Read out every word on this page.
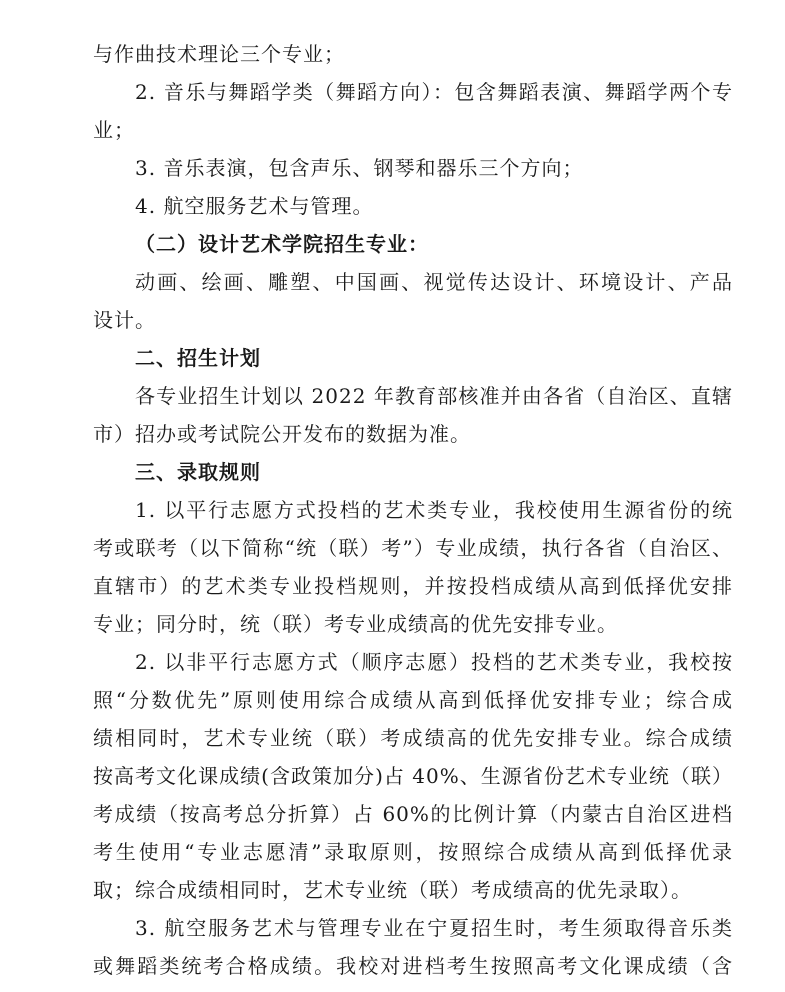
与作曲技术理论三个专业；
2. 音乐与舞蹈学类（舞蹈方向）：包含舞蹈表演、舞蹈学两个专
业；
3. 音乐表演，包含声乐、钢琴和器乐三个方向；
4. 航空服务艺术与管理。
（二）设计艺术学院招生专业：
动画、绘画、雕塑、中国画、视觉传达设计、环境设计、产品
设计。
二、招生计划
各专业招生计划以 2022 年教育部核准并由各省（自治区、直辖
市）招办或考试院公开发布的数据为准。
三、录取规则
1. 以平行志愿方式投档的艺术类专业，我校使用生源省份的统
考或联考（以下简称“统（联）考”）专业成绩，执行各省（自治区、
直辖市）的艺术类专业投档规则，并按投档成绩从高到低择优安排
专业；同分时，统（联）考专业成绩高的优先安排专业。
2. 以非平行志愿方式（顺序志愿）投档的艺术类专业，我校按
照“分数优先”原则使用综合成绩从高到低择优安排专业；综合成
绩相同时，艺术专业统（联）考成绩高的优先安排专业。综合成绩
按高考文化课成绩(含政策加分)占 40%、生源省份艺术专业统（联）
考成绩（按高考总分折算）占 60%的比例计算（内蒙古自治区进档
考生使用“专业志愿清”录取原则，按照综合成绩从高到低择优录
取；综合成绩相同时，艺术专业统（联）考成绩高的优先录取）。
3. 航空服务艺术与管理专业在宁夏招生时，考生须取得音乐类
或舞蹈类统考合格成绩。我校对进档考生按照高考文化课成绩（含
